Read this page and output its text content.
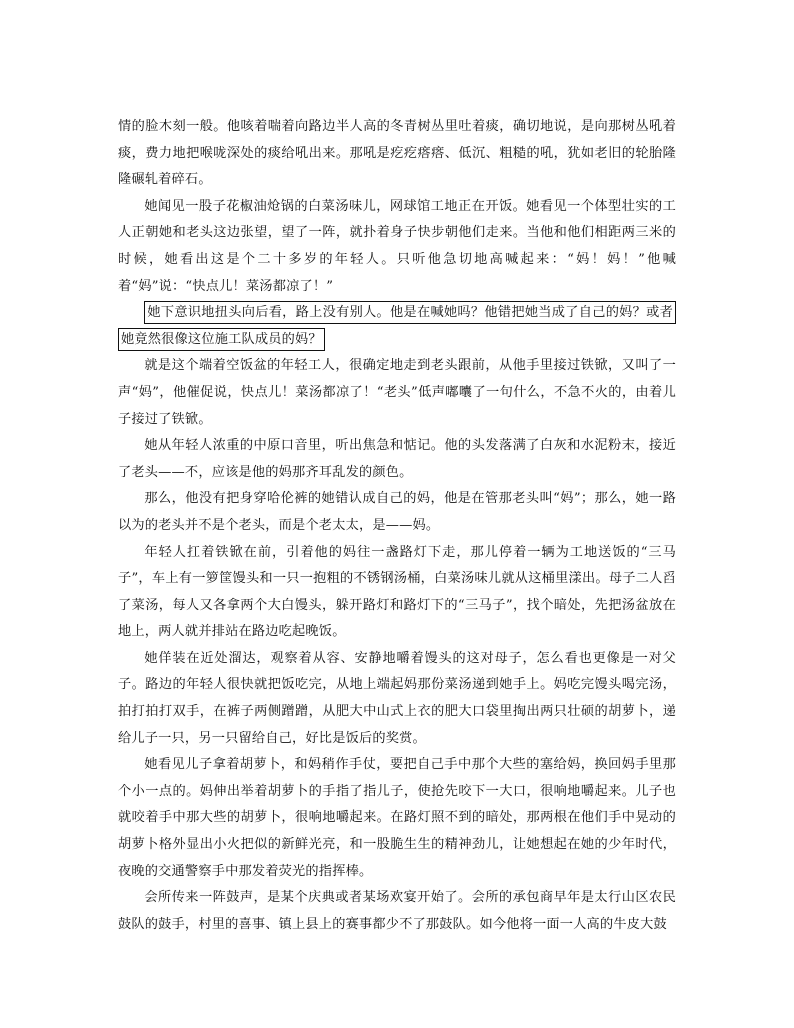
情的脸木刻一般。他咳着喘着向路边半人高的冬青树丛里吐着痰，确切地说，是向那树丛吼着痰，费力地把喉咙深处的痰给吼出来。那吼是疙疙瘩瘩、低沉、粗糙的吼，犹如老旧的轮胎隆隆碾轧着碎石。

她闻见一股子花椒油炝锅的白菜汤味儿，网球馆工地正在开饭。她看见一个体型壮实的工人正朝她和老头这边张望，望了一阵，就扑着身子快步朝他们走来。当他和他们相距两三米的时候，她看出这是个二十多岁的年轻人。只听他急切地高喊起来：“妈！妈！”他喊着“妈”说：“快点儿！菜汤都凉了！”

她下意识地扭头向后看，路上没有别人。他是在喊她吗？他错把她当成了自己的妈？或者她竟然很像这位施工队成员的妈？

就是这个端着空饭盆的年轻工人，很确定地走到老头跟前，从他手里接过铁锨，又叫了一声“妈”，他催促说，快点儿！菜汤都凉了！“老头”低声嘟囔了一句什么，不急不火的，由着儿子接过了铁锨。

她从年轻人浓重的中原口音里，听出焦急和惦记。他的头发落满了白灰和水泥粉末，接近了老头——不，应该是他的妈那齐耳乱发的颜色。

那么，他没有把身穿哈伦裤的她错认成自己的妈，他是在管那老头叫“妈”；那么，她一路以为的老头并不是个老头，而是个老太太，是——妈。

年轻人扛着铁锨在前，引着他的妈往一盏路灯下走，那儿停着一辆为工地送饭的“三马子”，车上有一箩筐馒头和一只一抱粗的不锈钢汤桶，白菜汤味儿就从这桶里漾出。母子二人舀了菜汤，每人又各拿两个大白馒头，躲开路灯和路灯下的“三马子”，找个暗处，先把汤盆放在地上，两人就并排站在路边吃起晚饭。

她佯装在近处溜达，观察着从容、安静地嚼着馒头的这对母子，怎么看也更像是一对父子。路边的年轻人很快就把饭吃完，从地上端起妈那份菜汤递到她手上。妈吃完馒头喝完汤，拍打拍打双手，在裤子两侧蹭蹭，从肥大中山式上衣的肥大口袋里掏出两只壮硕的胡萝卜，递给儿子一只，另一只留给自己，好比是饭后的奖赏。

她看见儿子拿着胡萝卜，和妈稍作手仗，要把自己手中那个大些的塞给妈，换回妈手里那个小一点的。妈伸出举着胡萝卜的手指了指儿子，使抢先咬下一大口，很响地嚼起来。儿子也就咬着手中那大些的胡萝卜，很响地嚼起来。在路灯照不到的暗处，那两根在他们手中晃动的胡萝卜格外显出小火把似的新鲜光亮，和一股脆生生的精神劲儿，让她想起在她的少年时代，夜晚的交通警察手中那发着荧光的指挥棒。

会所传来一阵鼓声，是某个庆典或者某场欢宴开始了。会所的承包商早年是太行山区农民鼓队的鼓手，村里的喜事、镇上县上的赛事都少不了那鼓队。如今他将一面一人高的牛皮大鼓
